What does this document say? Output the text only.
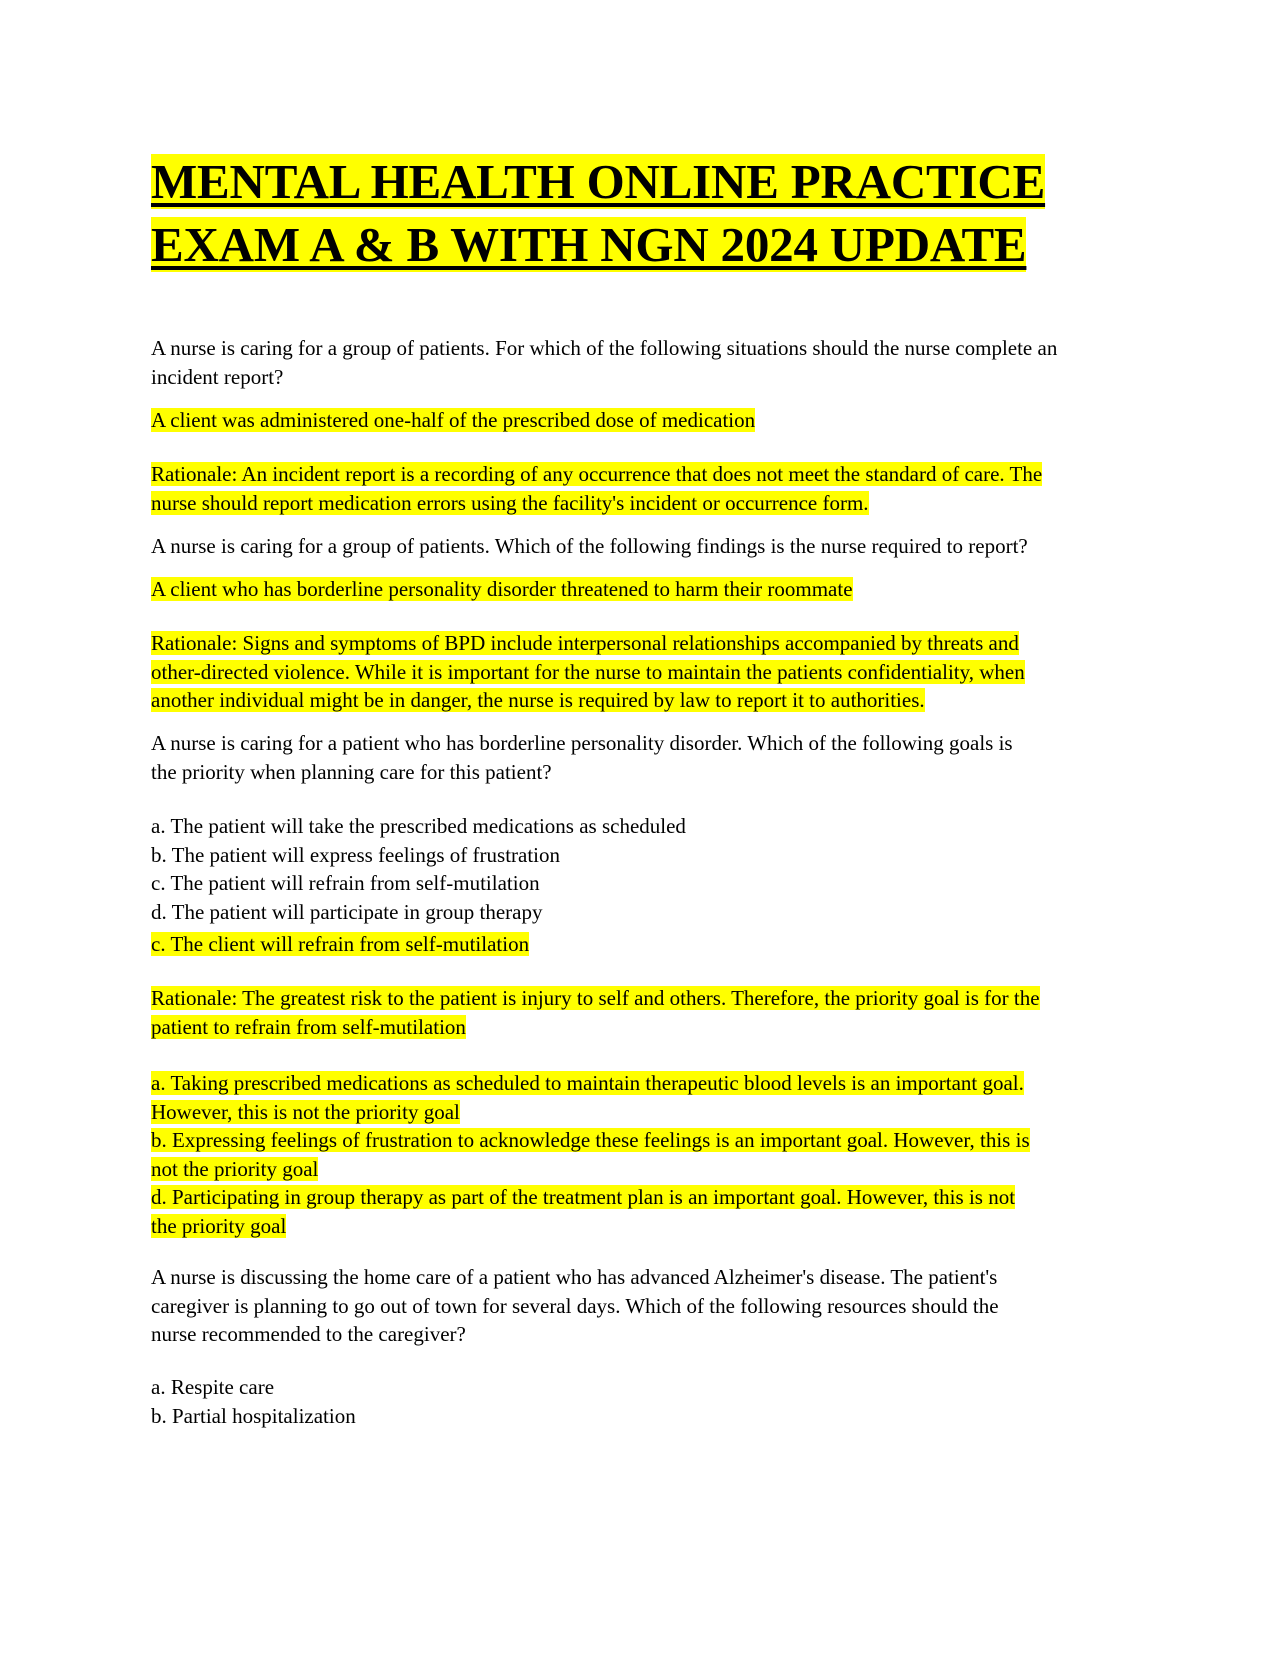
MENTAL HEALTH ONLINE PRACTICE
EXAM A & B WITH NGN 2024 UPDATE

A nurse is caring for a group of patients. For which of the following situations should the nurse complete an incident report?

A client was administered one-half of the prescribed dose of medication
Rationale: An incident report is a recording of any occurrence that does not meet the standard of care. The
nurse should report medication errors using the facility's incident or occurrence form.

A nurse is caring for a group of patients. Which of the following findings is the nurse required to report?

A client who has borderline personality disorder threatened to harm their roommate
Rationale: Signs and symptoms of BPD include interpersonal relationships accompanied by threats and
other-directed violence. While it is important for the nurse to maintain the patients confidentiality, when
another individual might be in danger, the nurse is required by law to report it to authorities.
A nurse is caring for a patient who has borderline personality disorder. Which of the following goals is
the priority when planning care for this patient?
a. The patient will take the prescribed medications as scheduled
b. The patient will express feelings of frustration
c. The patient will refrain from self-mutilation
d. The patient will participate in group therapy
c. The client will refrain from self-mutilation
Rationale: The greatest risk to the patient is injury to self and others. Therefore, the priority goal is for the
patient to refrain from self-mutilation
a. Taking prescribed medications as scheduled to maintain therapeutic blood levels is an important goal.
However, this is not the priority goal
b. Expressing feelings of frustration to acknowledge these feelings is an important goal. However, this is
not the priority goal
d. Participating in group therapy as part of the treatment plan is an important goal. However, this is not
the priority goal
A nurse is discussing the home care of a patient who has advanced Alzheimer's disease. The patient's
caregiver is planning to go out of town for several days. Which of the following resources should the
nurse recommended to the caregiver?
a. Respite care
b. Partial hospitalization
